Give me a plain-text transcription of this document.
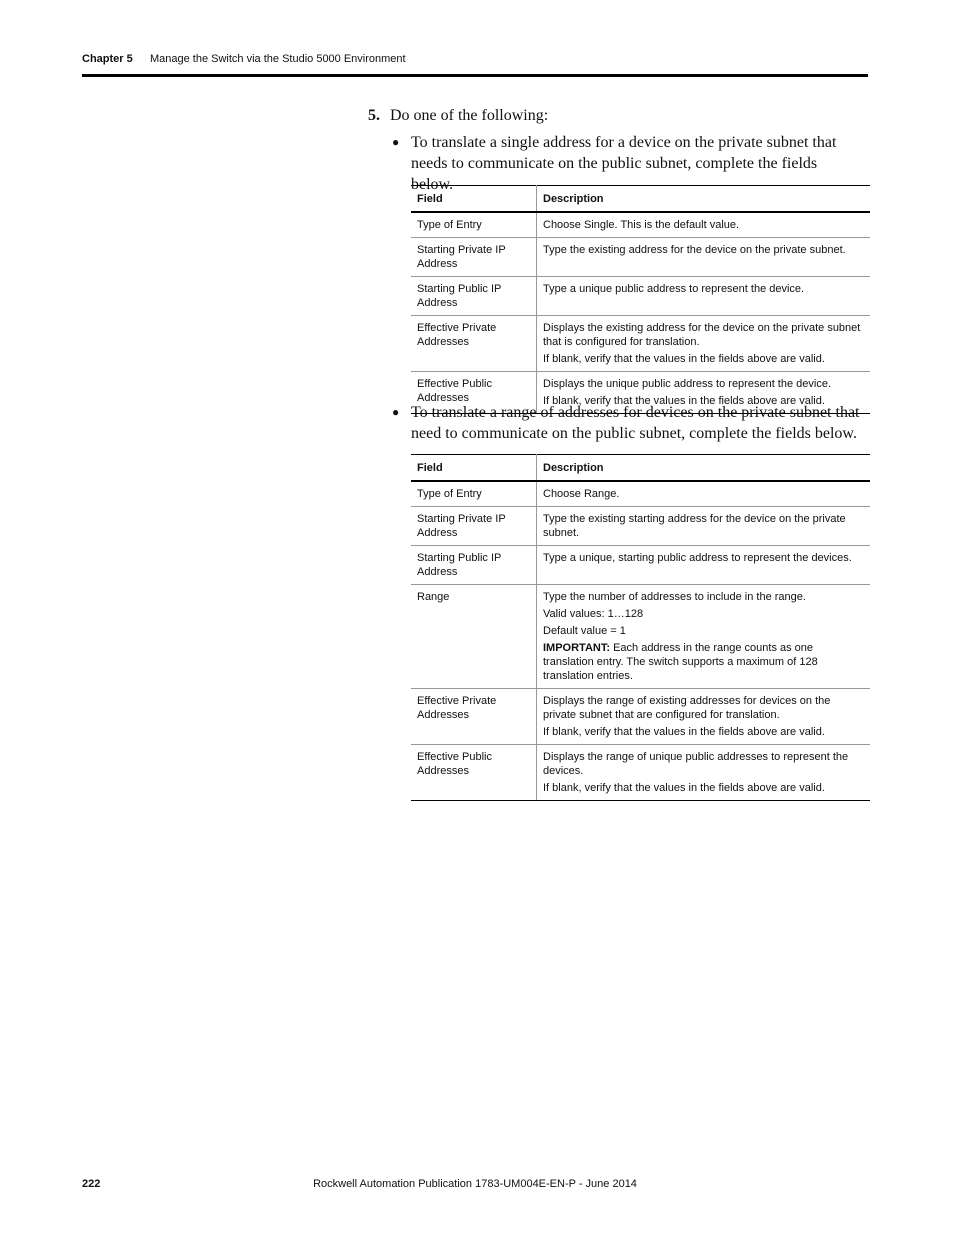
Chapter 5	Manage the Switch via the Studio 5000 Environment
5. Do one of the following:
● To translate a single address for a device on the private subnet that needs to communicate on the public subnet, complete the fields below.
Field	Description
Type of Entry	Choose Single. This is the default value.

Starting Private IP Address	Type the existing address for the device on the private subnet.

Starting Public IP Address	Type a unique public address to represent the device.

Effective Private Addresses	Displays the existing address for the device on the private subnet that is configured for translation.
If blank, verify that the values in the fields above are valid.

Effective Public Addresses	Displays the unique public address to represent the device.
If blank, verify that the values in the fields above are valid.
● To translate a range of addresses for devices on the private subnet that need to communicate on the public subnet, complete the fields below.
Field	Description
Type of Entry	Choose Range.

Starting Private IP Address	Type the existing starting address for the device on the private subnet.

Starting Public IP Address	Type a unique, starting public address to represent the devices.

Range	Type the number of addresses to include in the range.
Valid values: 1…128
Default value = 1
IMPORTANT: Each address in the range counts as one translation entry. The switch supports a maximum of 128 translation entries.

Effective Private Addresses	Displays the range of existing addresses for devices on the private subnet that are configured for translation.
If blank, verify that the values in the fields above are valid.

Effective Public Addresses	Displays the range of unique public addresses to represent the devices.
If blank, verify that the values in the fields above are valid.
222	Rockwell Automation Publication 1783-UM004E-EN-P - June 2014
